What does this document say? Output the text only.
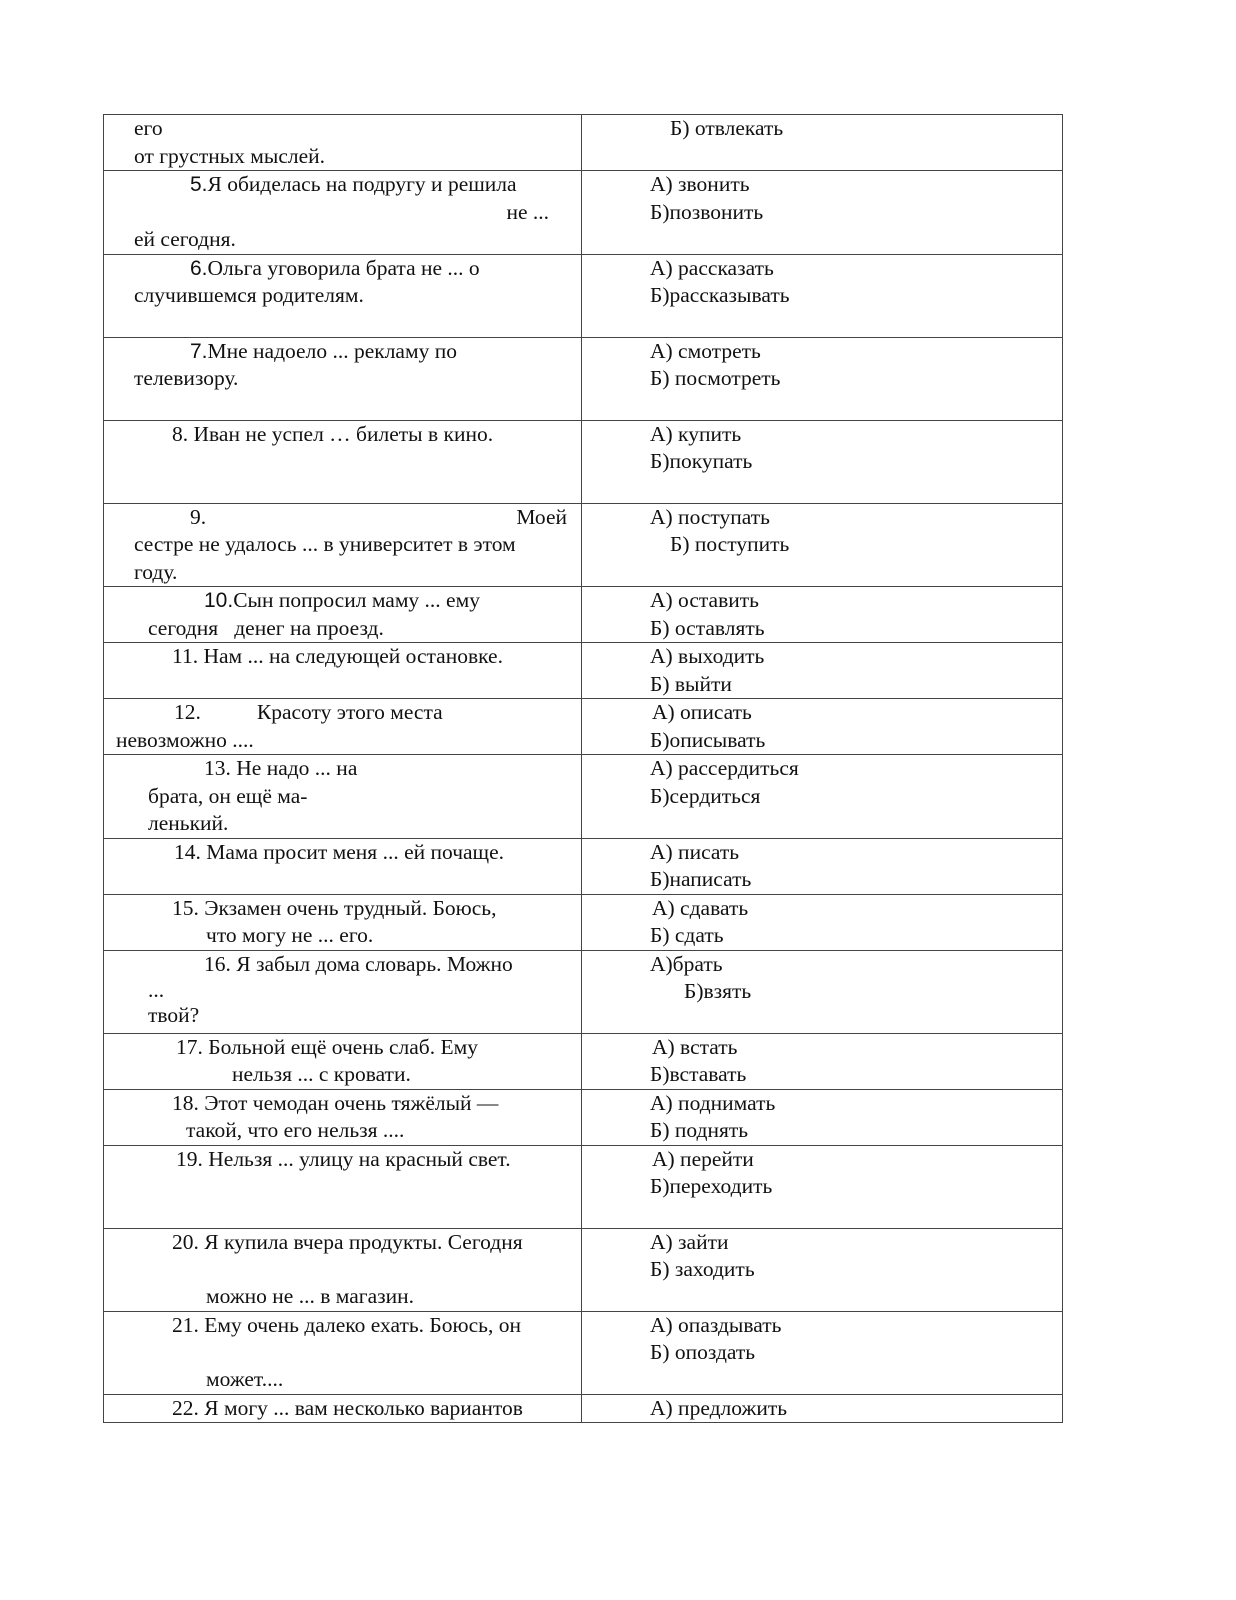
его
от грустных мыслей.	Б) отвлекать

5.Я обиделась на подругу и решила
не ...
ей сегодня.	А) звонить
Б)позвонить

6.Ольга уговорила брата не ... о
случившемся родителям.	А) рассказать
Б)рассказывать

7.Мне надоело ... рекламу по
телевизору.	А) смотреть
Б) посмотреть

8. Иван не успел … билеты в кино.	А) купить
Б)покупать

9. Моей
сестре не удалось ... в университет в этом
году.	А) поступать
Б) поступить

10.Сын попросил маму ... ему
сегодня   денег на проезд.	А) оставить
Б) оставлять

11. Нам ... на следующей остановке.	А) выходить
Б) выйти

12. Красоту этого места
невозможно ....	А) описать
Б)описывать

13. Не надо ... на
брата, он ещё ма-
ленький.	А) рассердиться
Б)сердиться

14. Мама просит меня ... ей почаще.	А) писать
Б)написать

15. Экзамен очень трудный. Боюсь,
что могу не ... его.	А) сдавать
Б) сдать

16. Я забыл дома словарь. Можно
...
твой?	А)брать
Б)взять

17. Больной ещё очень слаб. Ему
нельзя ... с кровати.	А) встать
Б)вставать

18. Этот чемодан очень тяжёлый —
такой, что его нельзя ....	А) поднимать
Б) поднять

19. Нельзя ... улицу на красный свет.	А) перейти
Б)переходить

20. Я купила вчера продукты. Сегодня
можно не ... в магазин.	А) зайти
Б) заходить

21. Ему очень далеко ехать. Боюсь, он
может....	А) опаздывать
Б) опоздать

22. Я могу ... вам несколько вариантов	А) предложить
